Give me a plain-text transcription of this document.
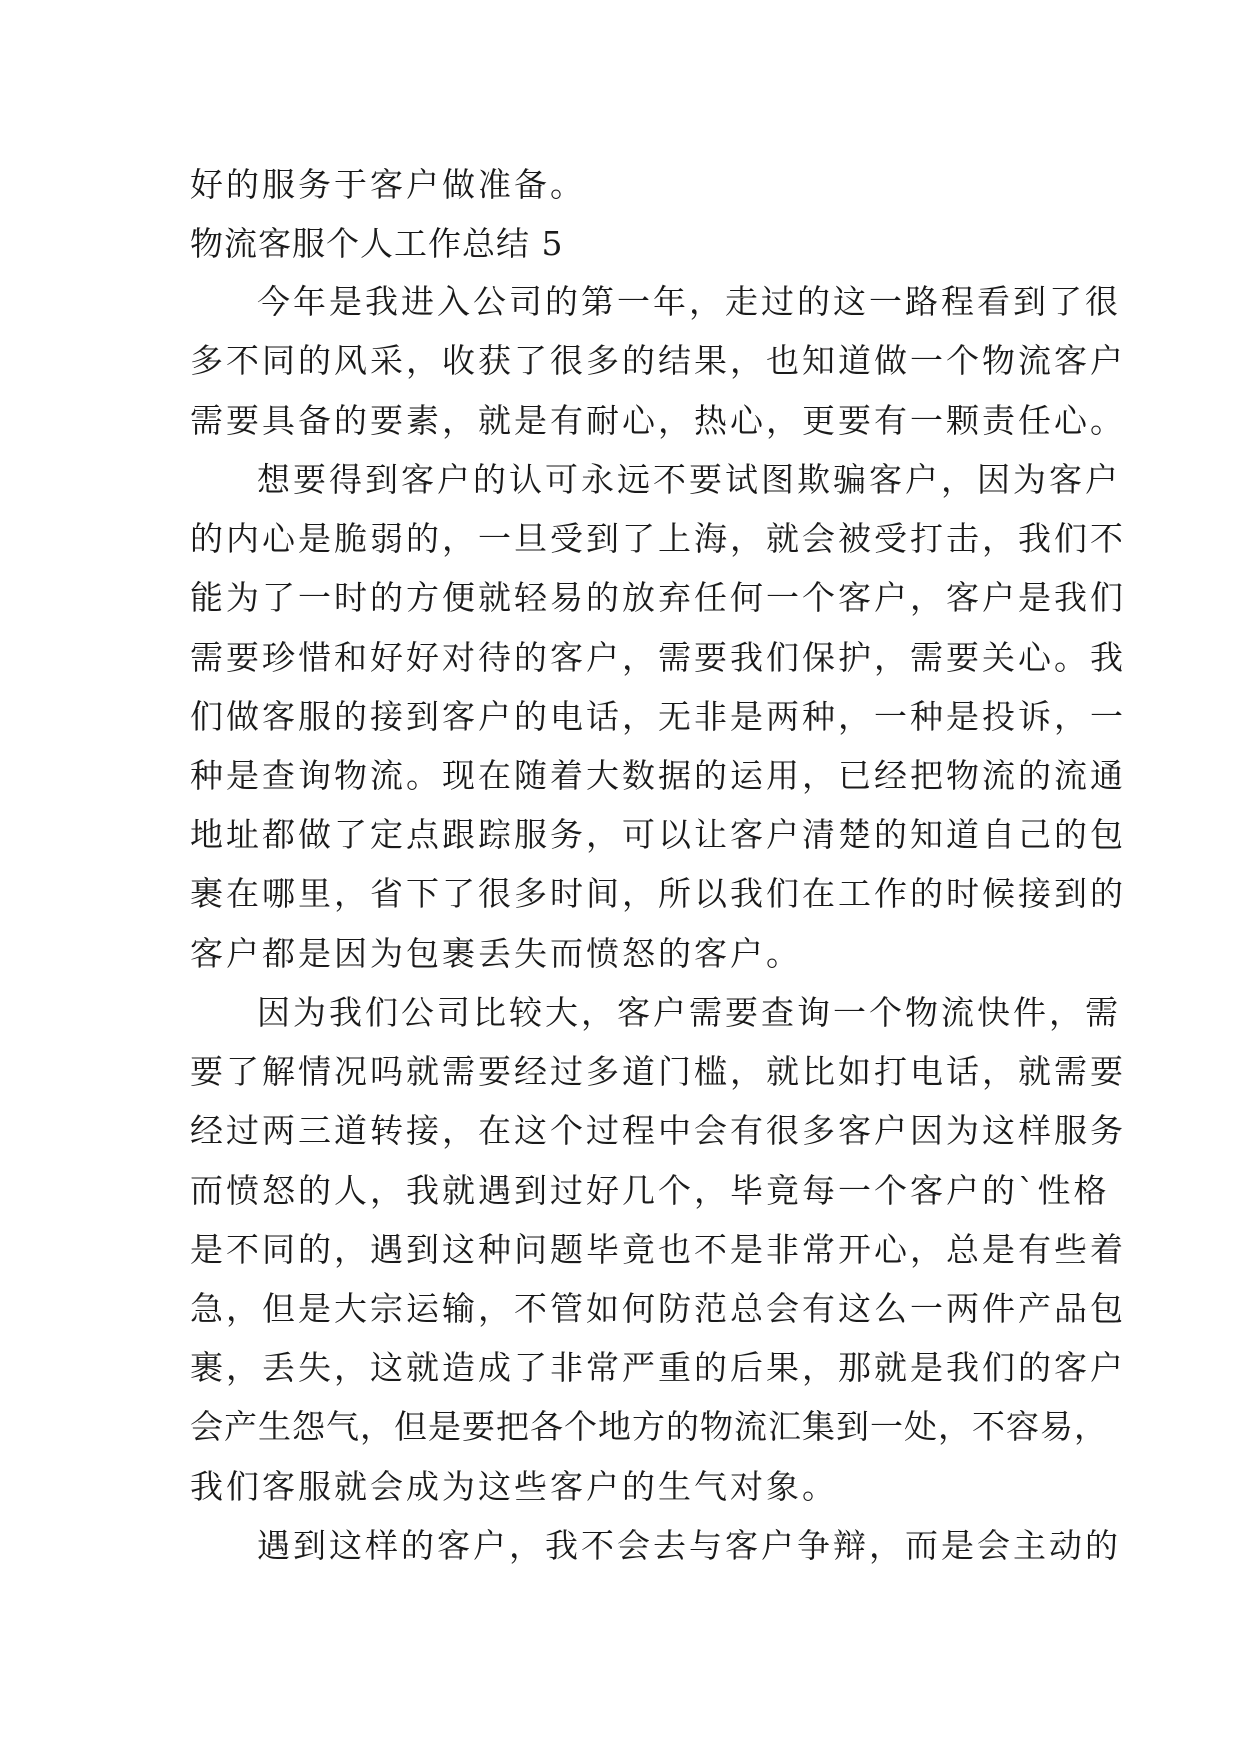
好的服务于客户做准备。
物流客服个人工作总结 5
今年是我进入公司的第一年，走过的这一路程看到了很
多不同的风采，收获了很多的结果，也知道做一个物流客户
需要具备的要素，就是有耐心，热心，更要有一颗责任心。
想要得到客户的认可永远不要试图欺骗客户，因为客户
的内心是脆弱的，一旦受到了上海，就会被受打击，我们不
能为了一时的方便就轻易的放弃任何一个客户，客户是我们
需要珍惜和好好对待的客户，需要我们保护，需要关心。我
们做客服的接到客户的电话，无非是两种，一种是投诉，一
种是查询物流。现在随着大数据的运用，已经把物流的流通
地址都做了定点跟踪服务，可以让客户清楚的知道自己的包
裹在哪里，省下了很多时间，所以我们在工作的时候接到的
客户都是因为包裹丢失而愤怒的客户。
因为我们公司比较大，客户需要查询一个物流快件，需
要了解情况吗就需要经过多道门槛，就比如打电话，就需要
经过两三道转接，在这个过程中会有很多客户因为这样服务
而愤怒的人，我就遇到过好几个，毕竟每一个客户的`性格
是不同的，遇到这种问题毕竟也不是非常开心，总是有些着
急，但是大宗运输，不管如何防范总会有这么一两件产品包
裹，丢失，这就造成了非常严重的后果，那就是我们的客户
会产生怨气，但是要把各个地方的物流汇集到一处，不容易，
我们客服就会成为这些客户的生气对象。
遇到这样的客户，我不会去与客户争辩，而是会主动的
